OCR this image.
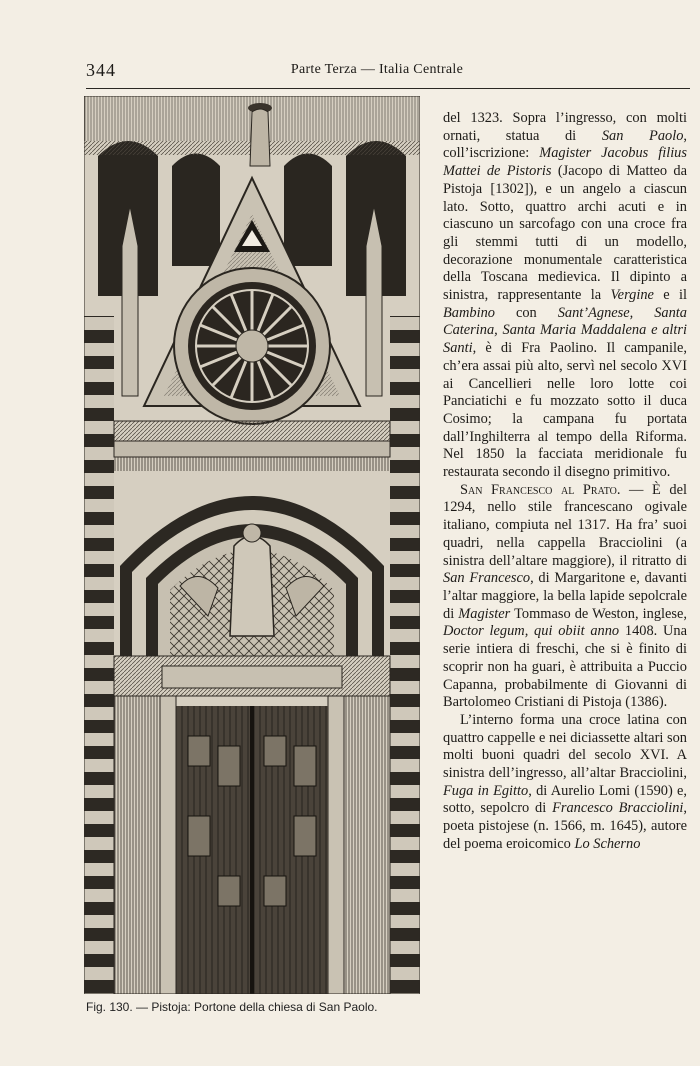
344	Parte Terza — Italia Centrale
Fig. 130. — Pistoja: Portone della chiesa di San Paolo.

del 1323. Sopra l’ingresso, con molti ornati, statua di San Paolo, coll’iscrizione: Magister Jacobus filius Mattei de Pistoris (Jacopo di Matteo da Pistoja [1302]), e un angelo a ciascun lato. Sotto, quattro archi acuti e in ciascuno un sarcofago con una croce fra gli stemmi tutti di un modello, decorazione monumentale caratteristica della Toscana medievica. Il dipinto a sinistra, rappresentante la Vergine e il Bambino con Sant’Agnese, Santa Caterina, Santa Maria Maddalena e altri Santi, è di Fra Paolino. Il campanile, ch’era assai più alto, servì nel secolo XVI ai Cancellieri nelle loro lotte coi Panciatichi e fu mozzato sotto il duca Cosimo; la campana fu portata dall’Inghilterra al tempo della Riforma. Nel 1850 la facciata meridionale fu restaurata secondo il disegno primitivo.

San Francesco al Prato. — È del 1294, nello stile francescano ogivale italiano, compiuta nel 1317. Ha fra’ suoi quadri, nella cappella Bracciolini (a sinistra dell’altare maggiore), il ritratto di San Francesco, di Margaritone e, davanti l’altar maggiore, la bella lapide sepolcrale di Magister Tommaso de Weston, inglese, Doctor legum, qui obiit anno 1408. Una serie intiera di freschi, che si è finito di scoprir non ha guari, è attribuita a Puccio Capanna, probabilmente di Giovanni di Bartolomeo Cristiani di Pistoja (1386).

L’interno forma una croce latina con quattro cappelle e nei diciassette altari son molti buoni quadri del secolo XVI. A sinistra dell’ingresso, all’altar Bracciolini, Fuga in Egitto, di Aurelio Lomi (1590) e, sotto, sepolcro di Francesco Bracciolini, poeta pistojese (n. 1566, m. 1645), autore del poema eroicomico Lo Scherno
